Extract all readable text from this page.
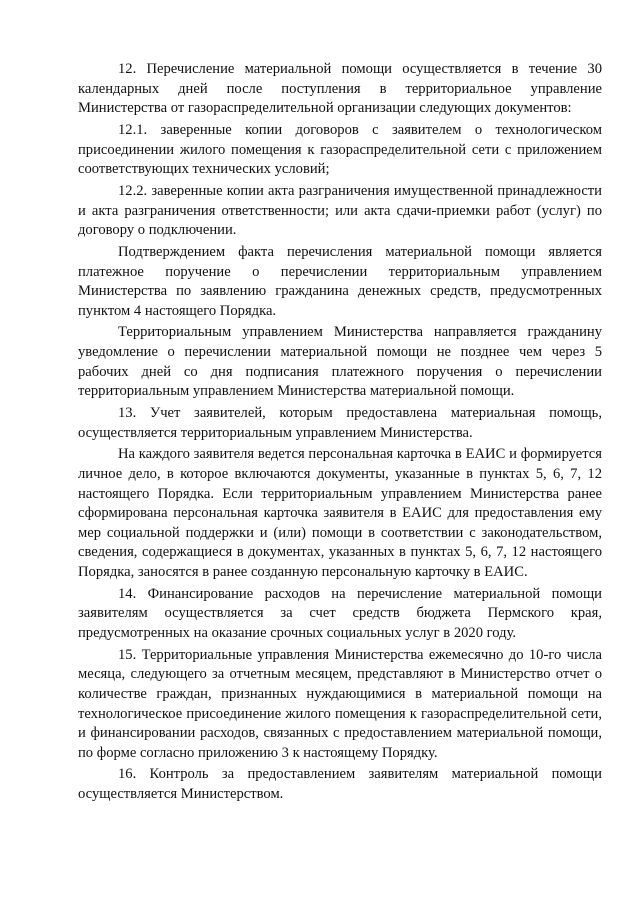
12. Перечисление материальной помощи осуществляется в течение 30 календарных дней после поступления в территориальное управление Министерства от газораспределительной организации следующих документов:

12.1. заверенные копии договоров с заявителем о технологическом присоединении жилого помещения к газораспределительной сети с приложением соответствующих технических условий;

12.2. заверенные копии акта разграничения имущественной принадлежности и акта разграничения ответственности; или акта сдачи-приемки работ (услуг) по договору о подключении.

Подтверждением факта перечисления материальной помощи является платежное поручение о перечислении территориальным управлением Министерства по заявлению гражданина денежных средств, предусмотренных пунктом 4 настоящего Порядка.

Территориальным управлением Министерства направляется гражданину уведомление о перечислении материальной помощи не позднее чем через 5 рабочих дней со дня подписания платежного поручения о перечислении территориальным управлением Министерства материальной помощи.

13. Учет заявителей, которым предоставлена материальная помощь, осуществляется территориальным управлением Министерства.

На каждого заявителя ведется персональная карточка в ЕАИС и формируется личное дело, в которое включаются документы, указанные в пунктах 5, 6, 7, 12 настоящего Порядка. Если территориальным управлением Министерства ранее сформирована персональная карточка заявителя в ЕАИС для предоставления ему мер социальной поддержки и (или) помощи в соответствии с законодательством, сведения, содержащиеся в документах, указанных в пунктах 5, 6, 7, 12 настоящего Порядка, заносятся в ранее созданную персональную карточку в ЕАИС.

14. Финансирование расходов на перечисление материальной помощи заявителям осуществляется за счет средств бюджета Пермского края, предусмотренных на оказание срочных социальных услуг в 2020 году.

15. Территориальные управления Министерства ежемесячно до 10-го числа месяца, следующего за отчетным месяцем, представляют в Министерство отчет о количестве граждан, признанных нуждающимися в материальной помощи на технологическое присоединение жилого помещения к газораспределительной сети, и финансировании расходов, связанных с предоставлением материальной помощи, по форме согласно приложению 3 к настоящему Порядку.

16. Контроль за предоставлением заявителям материальной помощи осуществляется Министерством.
